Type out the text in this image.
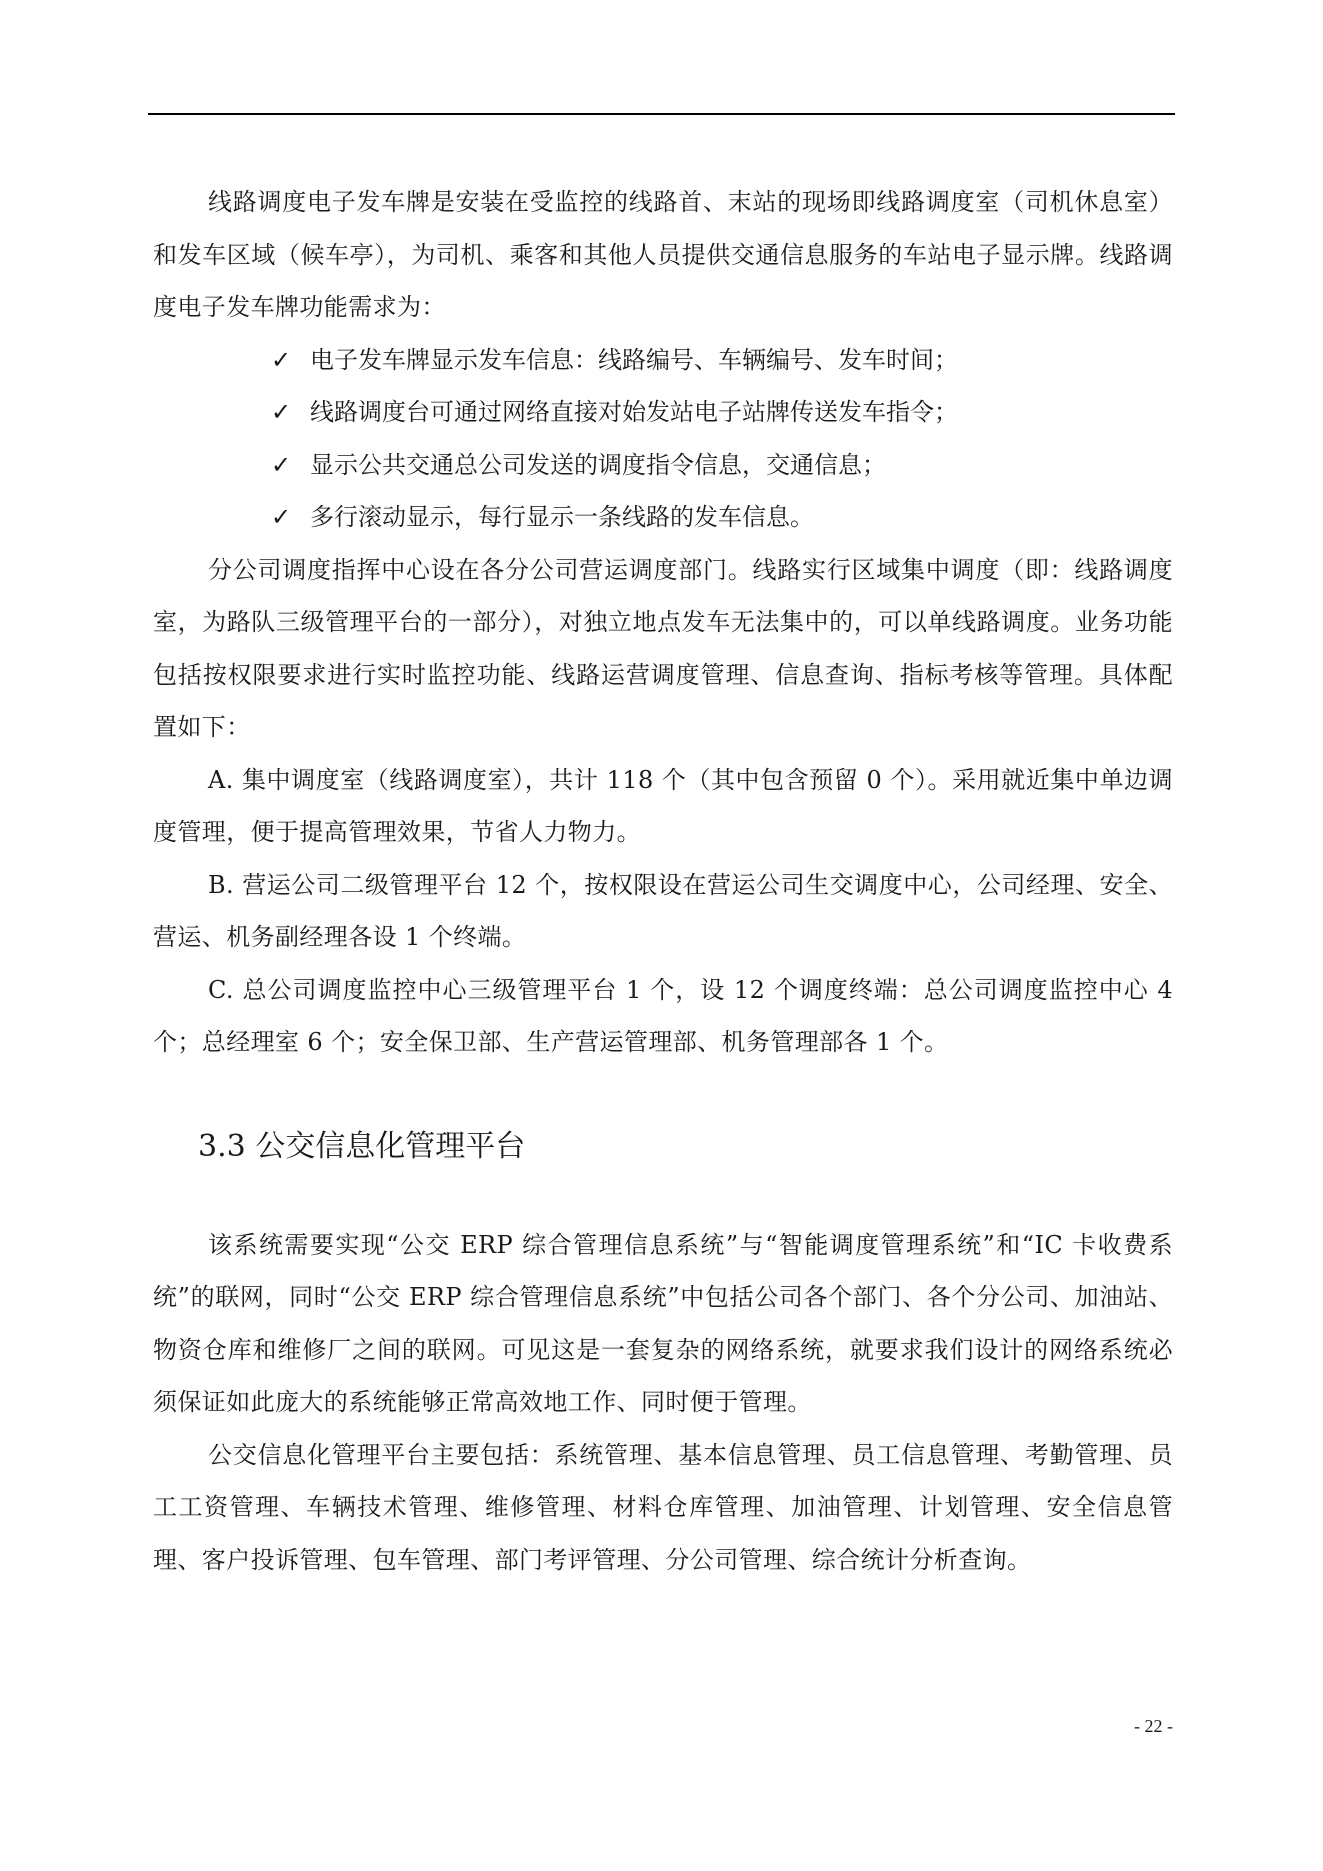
线路调度电子发车牌是安装在受监控的线路首、末站的现场即线路调度室（司机休息室）和发车区域（候车亭），为司机、乘客和其他人员提供交通信息服务的车站电子显示牌。线路调度电子发车牌功能需求为：

✓ 电子发车牌显示发车信息：线路编号、车辆编号、发车时间；

✓ 线路调度台可通过网络直接对始发站电子站牌传送发车指令；

✓ 显示公共交通总公司发送的调度指令信息，交通信息；

✓ 多行滚动显示，每行显示一条线路的发车信息。

分公司调度指挥中心设在各分公司营运调度部门。线路实行区域集中调度（即：线路调度室，为路队三级管理平台的一部分），对独立地点发车无法集中的，可以单线路调度。业务功能包括按权限要求进行实时监控功能、线路运营调度管理、信息查询、指标考核等管理。具体配置如下：

A. 集中调度室（线路调度室），共计 118 个（其中包含预留 0 个）。采用就近集中单边调度管理，便于提高管理效果，节省人力物力。

B. 营运公司二级管理平台 12 个，按权限设在营运公司生交调度中心，公司经理、安全、营运、机务副经理各设 1 个终端。

C. 总公司调度监控中心三级管理平台 1 个，设 12 个调度终端：总公司调度监控中心 4 个；总经理室 6 个；安全保卫部、生产营运管理部、机务管理部各 1 个。

3.3 公交信息化管理平台

该系统需要实现“公交 ERP 综合管理信息系统”与“智能调度管理系统”和“IC 卡收费系统”的联网，同时“公交 ERP 综合管理信息系统”中包括公司各个部门、各个分公司、加油站、物资仓库和维修厂之间的联网。可见这是一套复杂的网络系统，就要求我们设计的网络系统必须保证如此庞大的系统能够正常高效地工作、同时便于管理。

公交信息化管理平台主要包括：系统管理、基本信息管理、员工信息管理、考勤管理、员工工资管理、车辆技术管理、维修管理、材料仓库管理、加油管理、计划管理、安全信息管理、客户投诉管理、包车管理、部门考评管理、分公司管理、综合统计分析查询。

- 22 -
